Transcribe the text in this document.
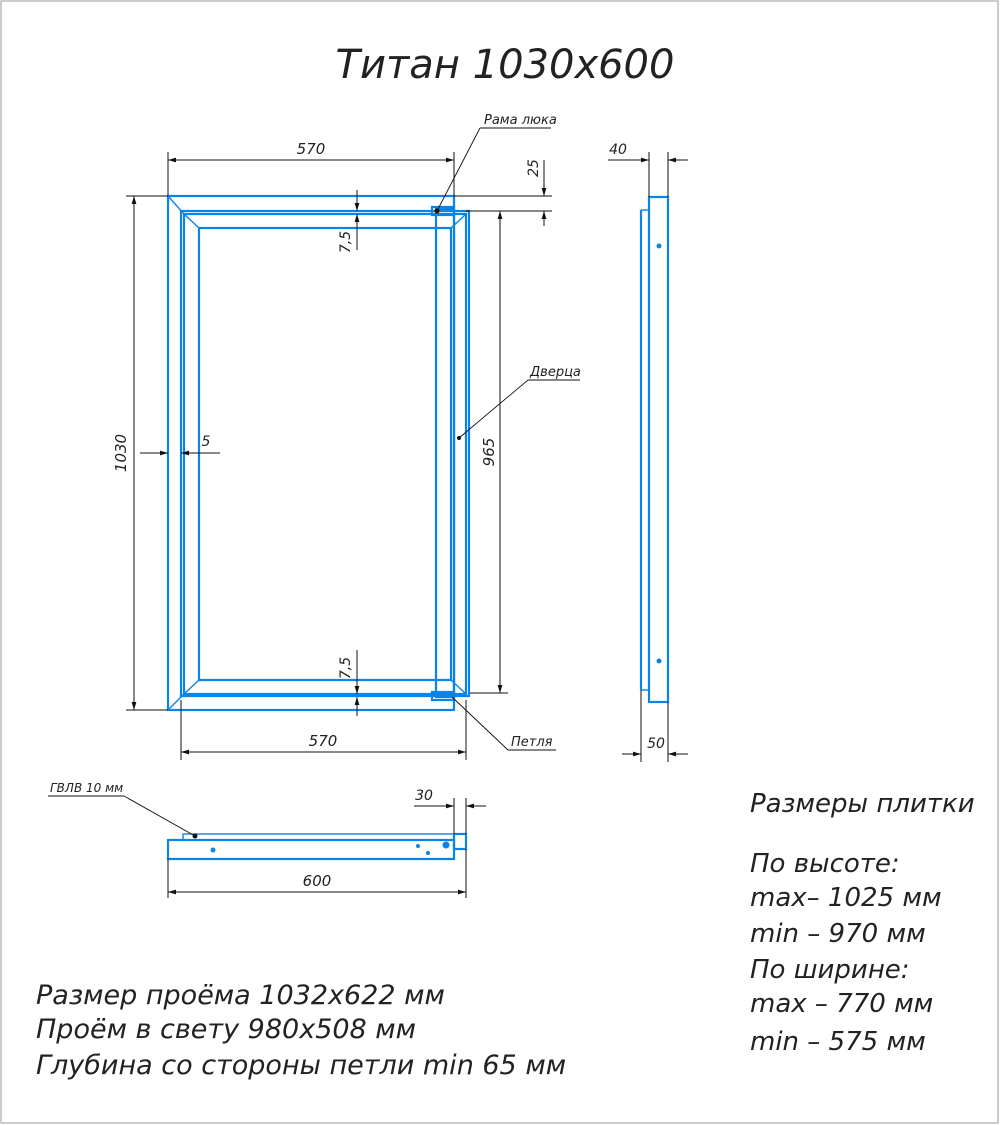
Титан 1030x600
570
570
1030	965
25
7,5
7,5
5
Рама люка
Дверца
Петля
40
50
30
600
ГВЛВ 10 мм
Размеры плитки
По высоте:
max– 1025 мм
min – 970 мм
По ширине:
max – 770 мм
min – 575 мм
Размер проёма 1032x622 мм
Проём в свету 980x508 мм
Глубина со стороны петли min 65 мм
